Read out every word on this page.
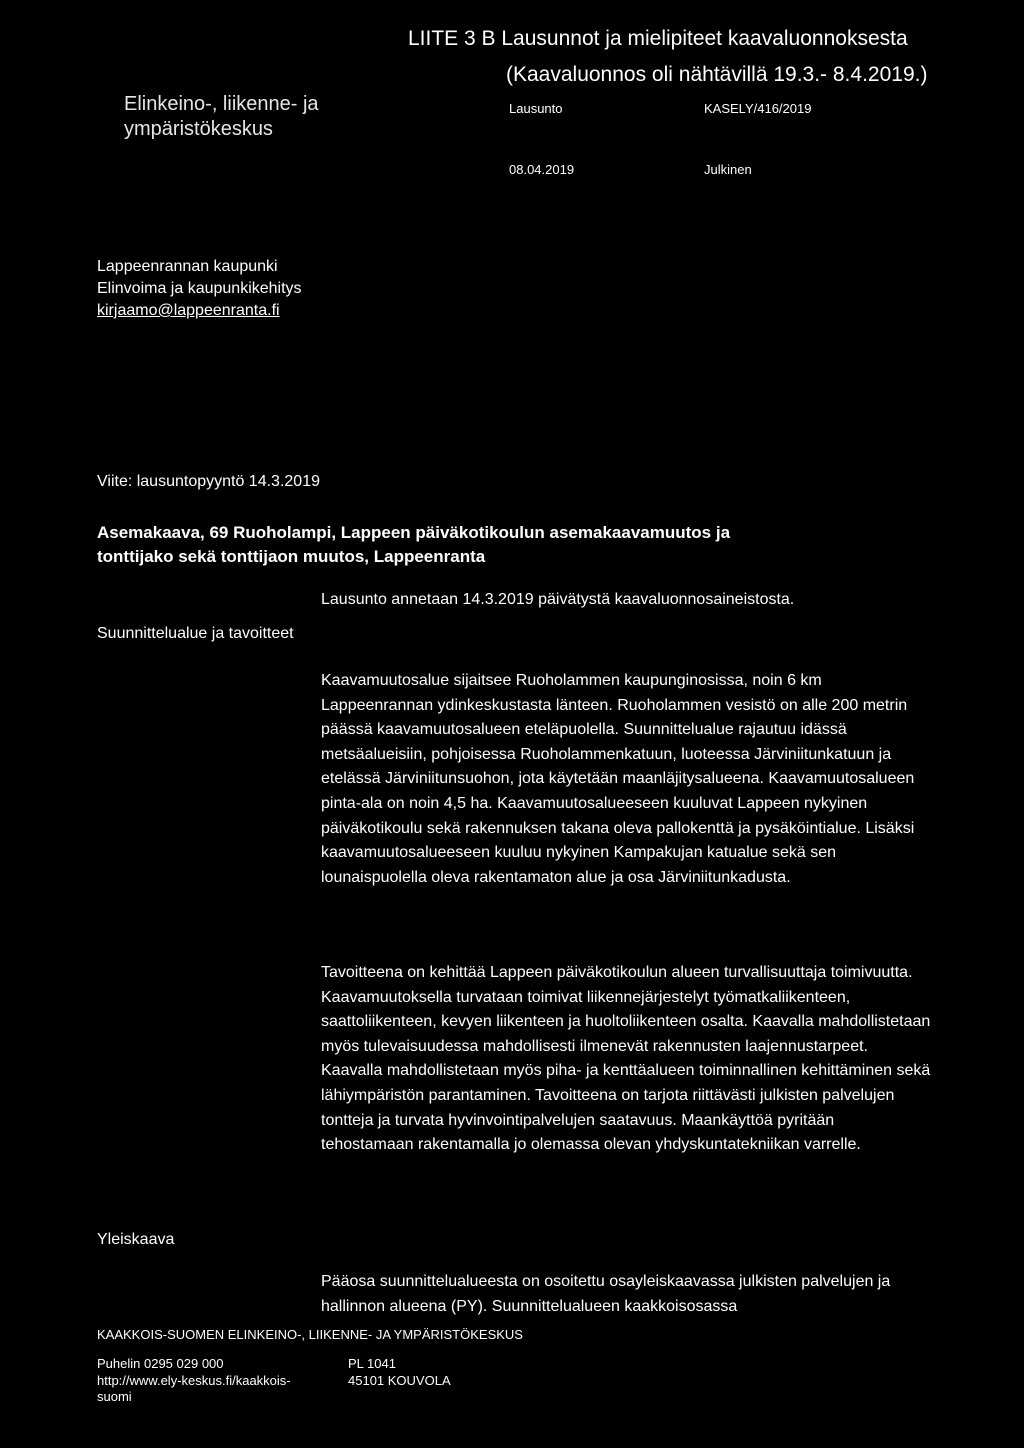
LIITE 3 B Lausunnot ja mielipiteet kaavaluonnoksesta
(Kaavaluonnos oli nähtävillä 19.3.- 8.4.2019.)
Elinkeino-, liikenne- ja
ympäristökeskus
Lausunto	KASELY/416/2019
08.04.2019	Julkinen
Lappeenrannan kaupunki
Elinvoima ja kaupunkikehitys
kirjaamo@lappeenranta.fi
Viite: lausuntopyyntö 14.3.2019
Asemakaava, 69 Ruoholampi, Lappeen päiväkotikoulun asemakaavamuutos ja
tonttijako sekä tonttijaon muutos, Lappeenranta
Lausunto annetaan 14.3.2019 päivätystä kaavaluonnosaineistosta.
Suunnittelualue ja tavoitteet
Kaavamuutosalue sijaitsee Ruoholammen kaupunginosissa, noin 6 km Lappeenrannan ydinkeskustasta länteen. Ruoholammen vesistö on alle 200 metrin päässä kaavamuutosalueen eteläpuolella. Suunnittelualue rajautuu idässä metsäalueisiin, pohjoisessa Ruoholammenkatuun, luoteessa Järviniitunkatuun ja etelässä Järviniitunsuohon, jota käytetään maanläjitysalueena. Kaavamuutosalueen pinta-ala on noin 4,5 ha. Kaavamuutosalueeseen kuuluvat Lappeen nykyinen päiväkotikoulu sekä rakennuksen takana oleva pallokenttä ja pysäköintialue. Lisäksi kaavamuutosalueeseen kuuluu nykyinen Kampakujan katualue sekä sen lounaispuolella oleva rakentamaton alue ja osa Järviniitunkadusta.
Tavoitteena on kehittää Lappeen päiväkotikoulun alueen turvallisuuttaja toimivuutta. Kaavamuutoksella turvataan toimivat liikennejärjestelyt työmatkaliikenteen, saattoliikenteen, kevyen liikenteen ja huoltoliikenteen osalta. Kaavalla mahdollistetaan myös tulevaisuudessa mahdollisesti ilmenevät rakennusten laajennustarpeet. Kaavalla mahdollistetaan myös piha- ja kenttäalueen toiminnallinen kehittäminen sekä lähiympäristön parantaminen. Tavoitteena on tarjota riittävästi julkisten palvelujen tontteja ja turvata hyvinvointipalvelujen saatavuus. Maankäyttöä pyritään tehostamaan rakentamalla jo olemassa olevan yhdyskuntatekniikan varrelle.
Yleiskaava
Pääosa suunnittelualueesta on osoitettu osayleiskaavassa julkisten palvelujen ja hallinnon alueena (PY). Suunnittelualueen kaakkoisosassa
KAAKKOIS-SUOMEN ELINKEINO-, LIIKENNE- JA YMPÄRISTÖKESKUS
Puhelin 0295 029 000
http://www.ely-keskus.fi/kaakkois-
suomi
PL 1041
45101 KOUVOLA
